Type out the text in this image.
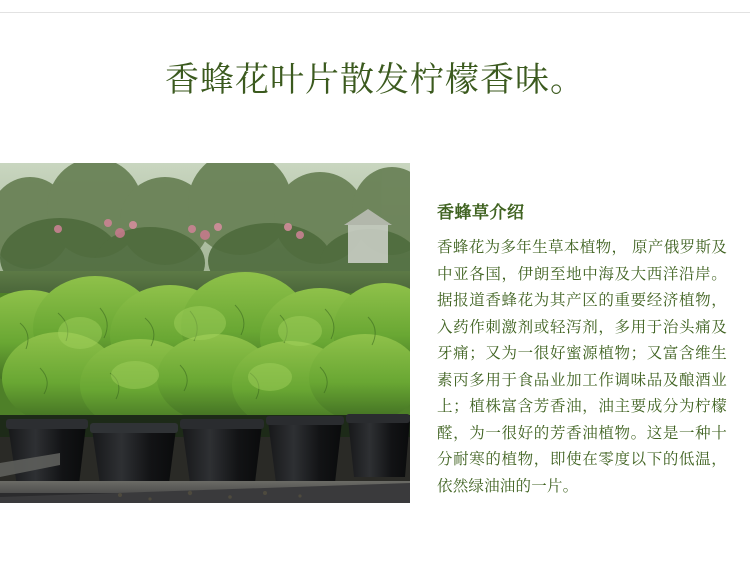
香蜂花叶片散发柠檬香味。
香蜂草介绍

香蜂花为多年生草本植物， 原产俄罗斯及中亚各国，伊朗至地中海及大西洋沿岸。 据报道香蜂花为其产区的重要经济植物，入药作刺激剂或轻泻剂，多用于治头痛及牙痛；又为一很好蜜源植物；又富含维生素丙多用于食品业加工作调味品及酿酒业上；植株富含芳香油，油主要成分为柠檬醛，为一很好的芳香油植物。这是一种十分耐寒的植物，即使在零度以下的低温，依然绿油油的一片。
